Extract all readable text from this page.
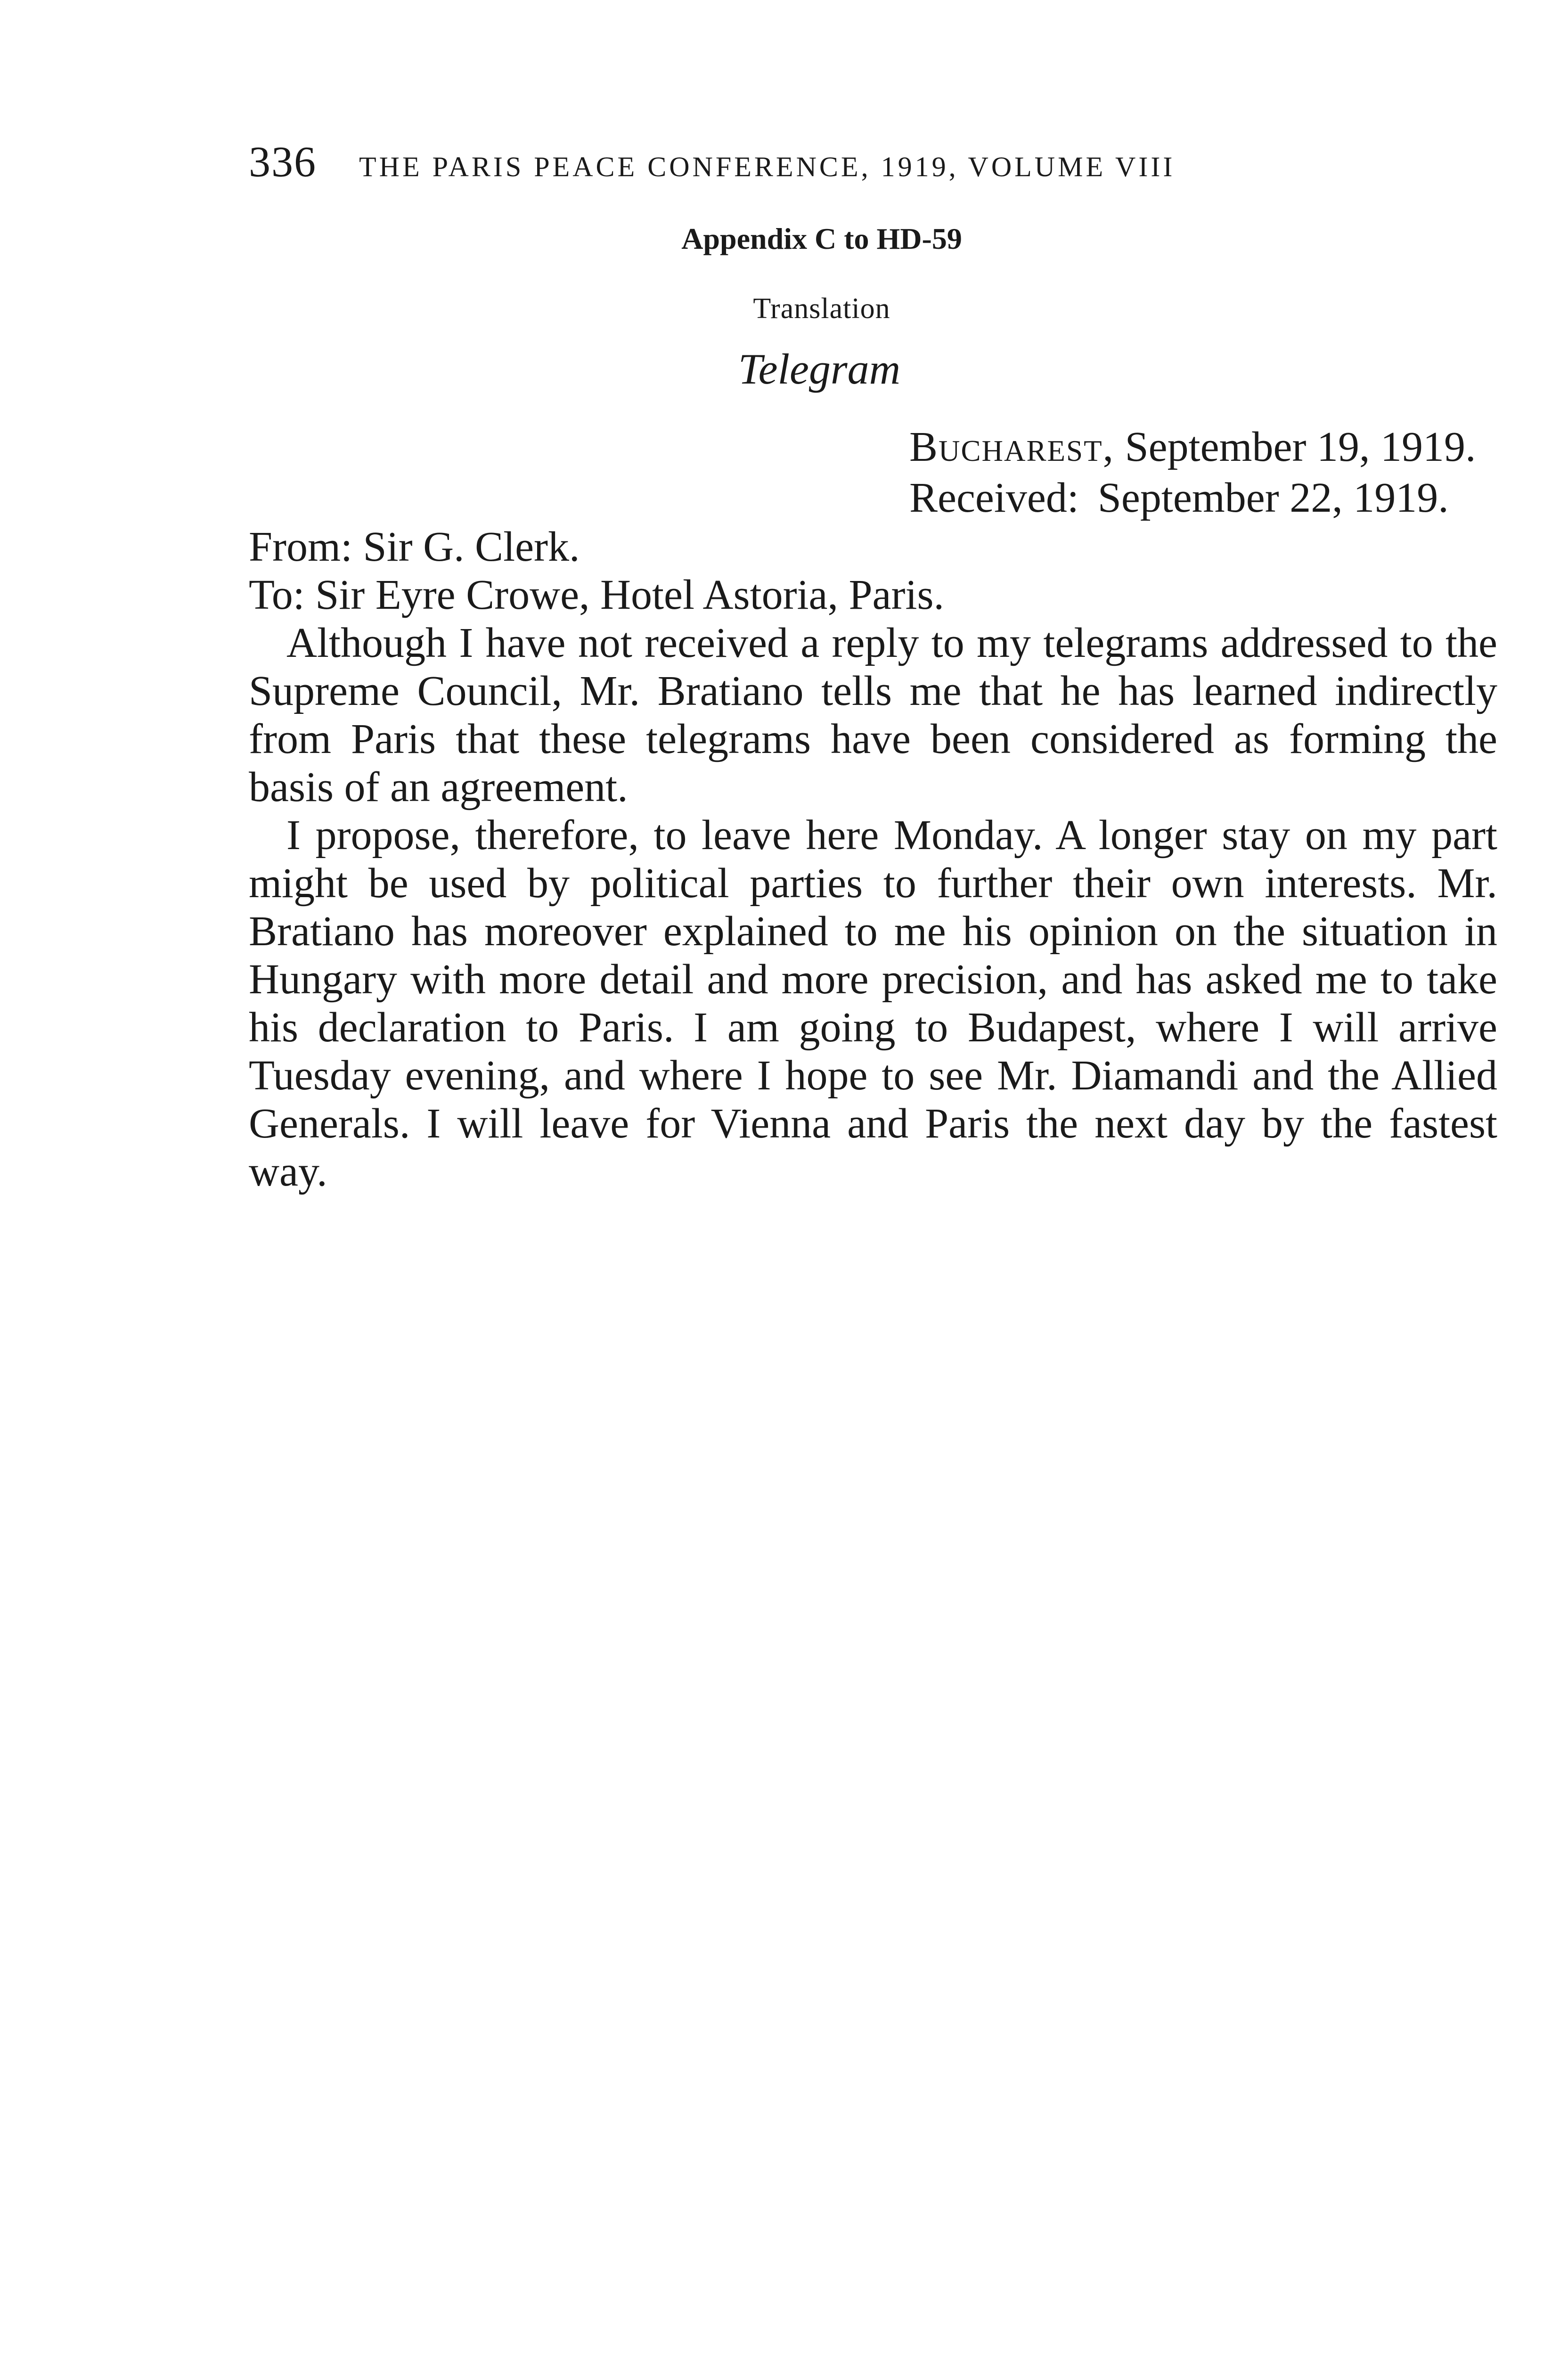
336 THE PARIS PEACE CONFERENCE, 1919, VOLUME VIII
Appendix C to HD-59
Translation
Telegram
Bucharest, September 19, 1919.
Received: September 22, 1919.
From: Sir G. Clerk.
To: Sir Eyre Crowe, Hotel Astoria, Paris.

Although I have not received a reply to my telegrams addressed to the Supreme Council, Mr. Bratiano tells me that he has learned indirectly from Paris that these telegrams have been considered as forming the basis of an agreement.

I propose, therefore, to leave here Monday. A longer stay on my part might be used by political parties to further their own interests. Mr. Bratiano has moreover explained to me his opinion on the situation in Hungary with more detail and more precision, and has asked me to take his declaration to Paris. I am going to Budapest, where I will arrive Tuesday evening, and where I hope to see Mr. Diamandi and the Allied Generals. I will leave for Vienna and Paris the next day by the fastest way.
